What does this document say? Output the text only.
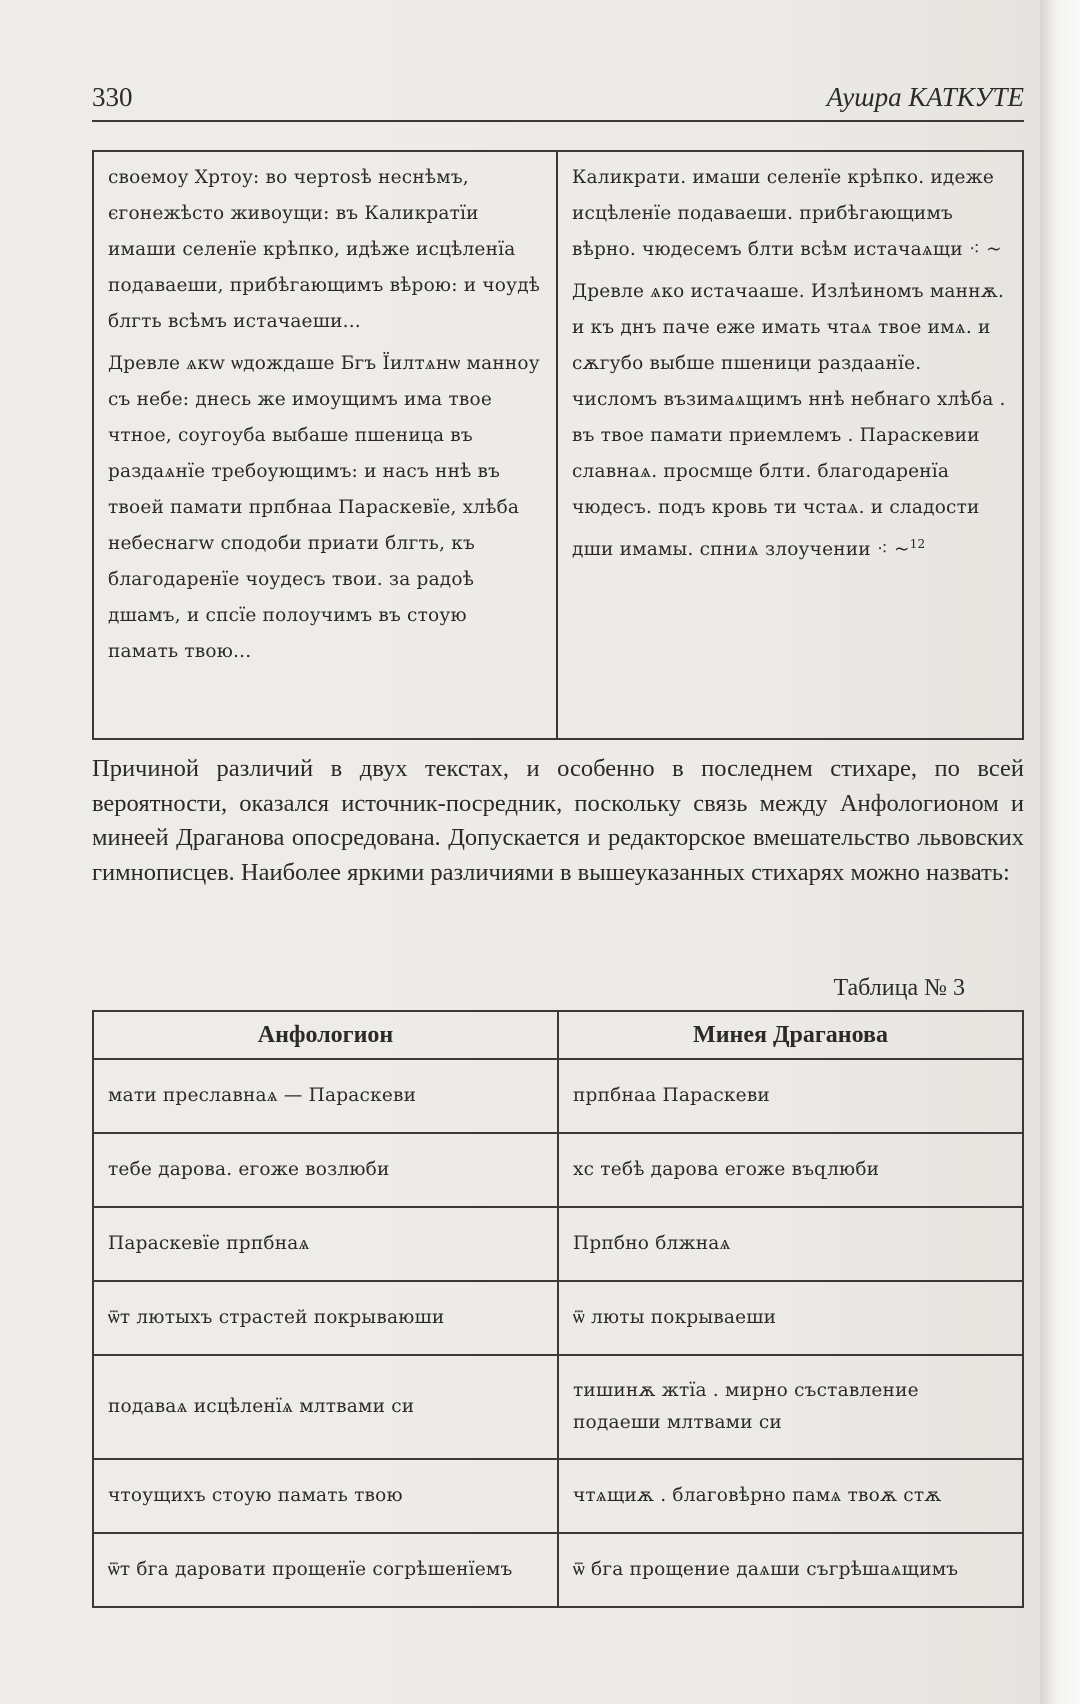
330	Аушра КАТКУТЕ

своемоу Хртоу: во чертоѕѣ неснѣмъ, єгонежѣсто живоущи: въ Каликратїи имаши селенїе крѣпко, идѣже исцѣленїа подаваеши, прибѣгающимъ вѣрою: и чоудѣ блгть всѣмъ истачаеши...

Древле ѧкw ѡдождаше Бгъ Їилтѧнѡ манноу съ небе: днесь же имоущимъ има твое чтное, соугоуба выбаше пшеница въ раздаѧнїе требоующимъ: и насъ ннѣ въ твоей памати прпбнаа Параскевїе, хлѣба небеснагw сподоби приати блгть, къ благодаренїе чоудесъ твои. за радоѣ дшамъ, и спсїе полоучимъ въ стоую памать твою...

Каликрати. имаши селенїе крѣпко. идеже исцѣленїе подаваеши. прибѣгающимъ вѣрно. чюдесемъ блти всѣм истачаѧщи ⁖ ~

Древле ѧко истачааше. Излѣиномъ маннѫ. и къ днъ паче еже имать чтаѧ твое имѧ. и сѫгубо выбше пшеници раздаанїе. числомъ възимаѧщимъ ннѣ небнаго хлѣба . въ твое памати приемлемъ . Параскевии славнаѧ. просмще блти. благодаренїа чюдесъ. подъ кровь ти чстаѧ. и сладости дши имамы. спниѧ злоучении ⁖ ~$^{12}$

Причиной различий в двух текстах, и особенно в последнем стихаре, по всей вероятности, оказался источник-посредник, поскольку связь между Анфологионом и минеей Драганова опосредована. Допускается и редакторское вмешательство львовских гимнописцев. Наиболее яркими различиями в вышеуказанных стихарях можно назвать:

Таблица № 3
Анфологион	Минея Драганова
мати преславнаѧ — Параскеви	прпбнаа Параскеви
тебе дарова. егоже возлюби	хс тебѣ дарова егоже въզлюби
Параскевїе прпбнаѧ	Прпбно блжнаѧ
ѿт лютыхъ страстей покрываюши	ѿ люты покрываеши
подаваѧ исцѣленїѧ млтвами си	тишинѫ жтїа . мирно съставление подаеши млтвами си
чтоущихъ стоую памать твою	чтѧщиѫ . благовѣрно памѧ твоѫ стѫ
ѿт бга даровати прощенїе согрѣшенїемъ	ѿ бга прощение даѧши съгрѣшаѧщимъ
